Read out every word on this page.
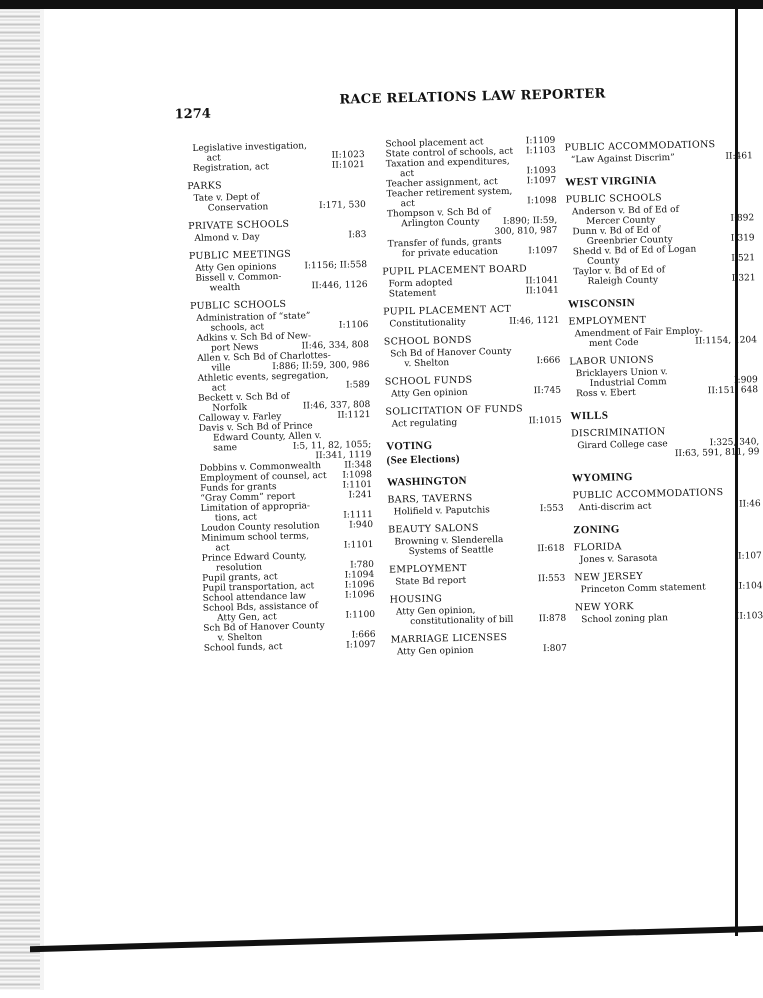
1274
RACE RELATIONS LAW REPORTER
Legislative investigation,
act	II:1023
Registration, act	II:1021
PARKS
Tate v. Dept of
Conservation	I:171, 530
PRIVATE SCHOOLS
Almond v. Day	I:83
PUBLIC MEETINGS
Atty Gen opinions	I:1156; II:558
Bissell v. Common-
wealth	II:446, 1126
PUBLIC SCHOOLS
Administration of “state”
schools, act	I:1106
Adkins v. Sch Bd of New-
port News	II:46, 334, 808
Allen v. Sch Bd of Charlottes-
ville	I:886; II:59, 300, 986
Athletic events, segregation,
act	I:589
Beckett v. Sch Bd of
Norfolk	II:46, 337, 808
Calloway v. Farley	II:1121
Davis v. Sch Bd of Prince
Edward County, Allen v.
same	I:5, 11, 82, 1055;
II:341, 1119
Dobbins v. Commonwealth	II:348
Employment of counsel, act	I:1098
Funds for grants	I:1101
“Gray Comm” report	I:241
Limitation of appropria-
tions, act	I:1111
Loudon County resolution	I:940
Minimum school terms,
act	I:1101
Prince Edward County,
resolution	I:780
Pupil grants, act	I:1094
Pupil transportation, act	I:1096
School attendance law	I:1096
School Bds, assistance of
Atty Gen, act	I:1100
Sch Bd of Hanover County
v. Shelton	I:666
School funds, act	I:1097
School placement act	I:1109
State control of schools, act	I:1103
Taxation and expenditures,
act	I:1093
Teacher assignment, act	I:1097
Teacher retirement system,
act	I:1098
Thompson v. Sch Bd of
Arlington County	I:890; II:59,
300, 810, 987
Transfer of funds, grants
for private education	I:1097
PUPIL PLACEMENT BOARD
Form adopted	II:1041
Statement	II:1041
PUPIL PLACEMENT ACT
Constitutionality	II:46, 1121
SCHOOL BONDS
Sch Bd of Hanover County
v. Shelton	I:666
SCHOOL FUNDS
Atty Gen opinion	II:745
SOLICITATION OF FUNDS
Act regulating	II:1015
VOTING
(See Elections)
WASHINGTON
BARS, TAVERNS
Holifield v. Paputchis	I:553
BEAUTY SALONS
Browning v. Slenderella
Systems of Seattle	II:618
EMPLOYMENT
State Bd report	II:553
HOUSING
Atty Gen opinion,
constitutionality of bill	II:878
MARRIAGE LICENSES
Atty Gen opinion	I:807
PUBLIC ACCOMMODATIONS
“Law Against Discrim”	II:461
WEST VIRGINIA
PUBLIC SCHOOLS
Anderson v. Bd of Ed of
Mercer County	I:892
Dunn v. Bd of Ed of
Greenbrier County	I:319
Shedd v. Bd of Ed of Logan
County	I:521
Taylor v. Bd of Ed of
Raleigh County	I:321
WISCONSIN
EMPLOYMENT
Amendment of Fair Employ-
ment Code	II:1154, 1204
LABOR UNIONS
Bricklayers Union v.
Industrial Comm	I:909
Ross v. Ebert	II:151, 648
WILLS
DISCRIMINATION
Girard College case	I:325, 340,
II:63, 591, 811, 99
WYOMING
PUBLIC ACCOMMODATIONS
Anti-discrim act	II:46
ZONING
FLORIDA
Jones v. Sarasota	I:107
NEW JERSEY
Princeton Comm statement	II:104
NEW YORK
School zoning plan	II:103
